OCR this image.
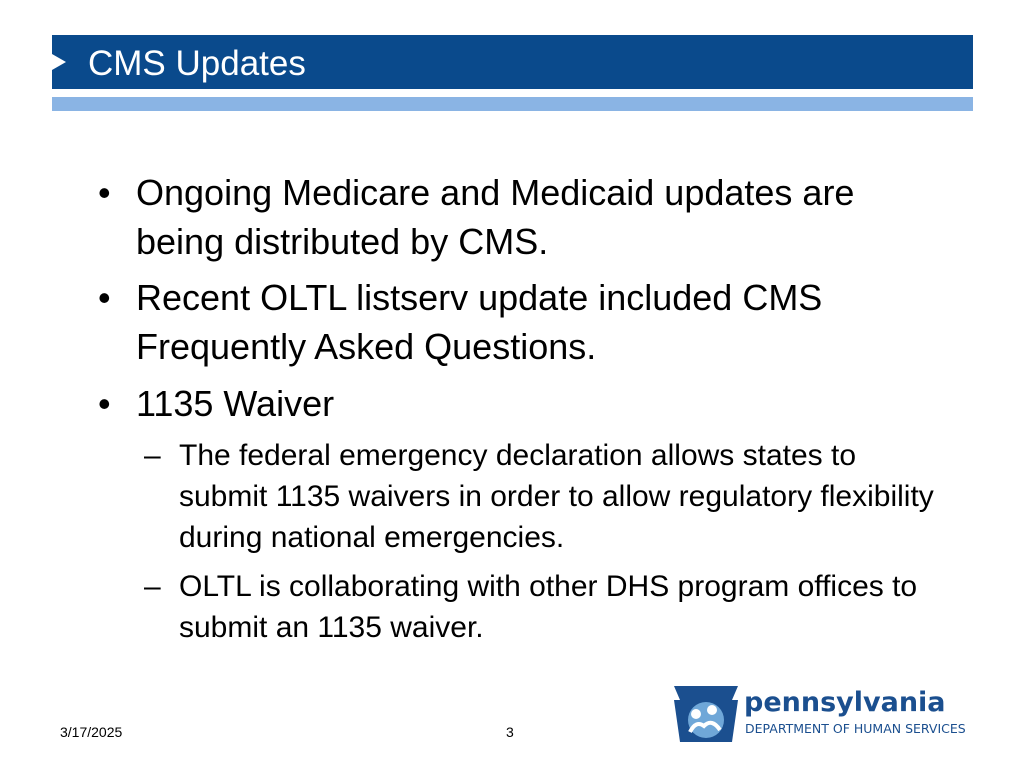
CMS Updates
• Ongoing Medicare and Medicaid updates are being distributed by CMS.
• Recent OLTL listserv update included CMS Frequently Asked Questions.
• 1135 Waiver
– The federal emergency declaration allows states to submit 1135 waivers in order to allow regulatory flexibility during national emergencies.
– OLTL is collaborating with other DHS program offices to submit an 1135 waiver.
3/17/2025	3
pennsylvania
DEPARTMENT OF HUMAN SERVICES
